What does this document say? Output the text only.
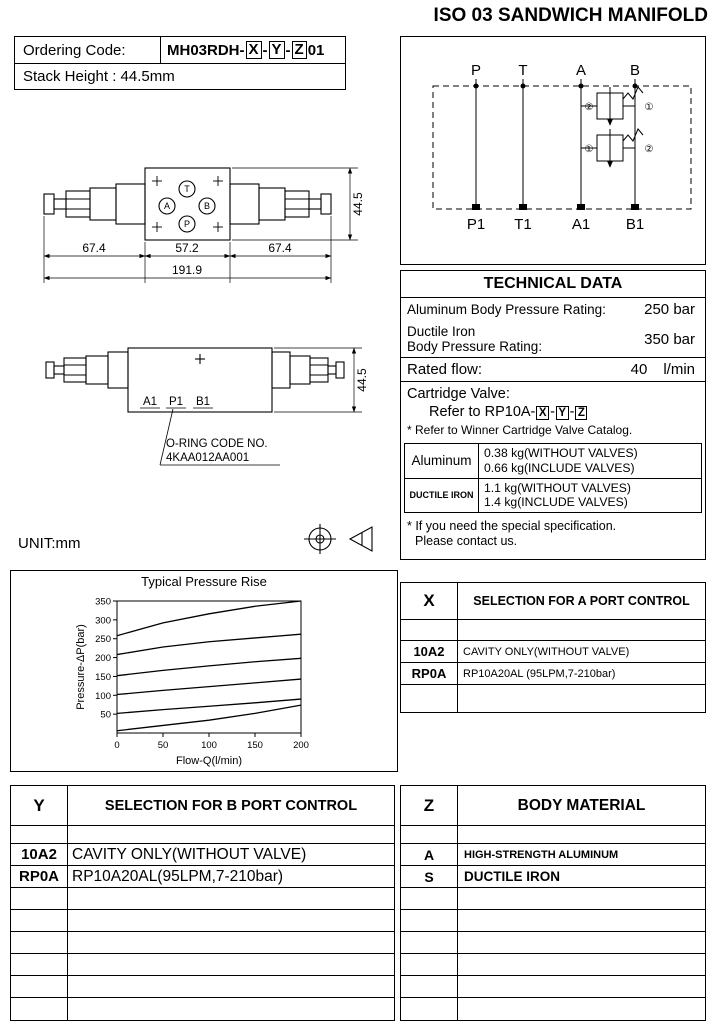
ISO 03 SANDWICH MANIFOLD
Ordering Code:	MH03RDH- X - Y - Z 01
Stack Height : 44.5mm	P T	A	B
P1 T1	A1 B1
②	①
①	②
T
A	B
P
67.4	57.2	67.4
191.9
44.5
A1 P1 B1
44.5
O-RING CODE NO.
4KAA012AA001
UNIT:mm
TECHNICAL DATA
Aluminum Body Pressure Rating:	250 bar
Ductile Iron
Body Pressure Rating:	350 bar
Rated flow:	40 l/min
Cartridge Valve:
Refer to RP10A- X - Y - Z
* Refer to Winner Cartridge Valve Catalog.
Aluminum
0.38 kg(WITHOUT VALVES)
0.66 kg(INCLUDE VALVES)
DUCTILE IRON
1.1 kg(WITHOUT VALVES)
1.4 kg(INCLUDE VALVES)
* If you need the special specification.
Please contact us.
Typical Pressure Rise
50
100
150
200
250
300
350
0	50	100	150	200
Flow-Q(l/min)
Pressure-ΔP(bar)
X	SELECTION FOR A PORT CONTROL
10A2	CAVITY ONLY(WITHOUT VALVE)
RP0A	RP10A20AL (95LPM,7-210bar)
Y	SELECTION FOR B PORT CONTROL
10A2 CAVITY ONLY(WITHOUT VALVE)
RP0A RP10A20AL(95LPM,7-210bar)
Z	BODY MATERIAL
A	HIGH-STRENGTH ALUMINUM
S	DUCTILE IRON
